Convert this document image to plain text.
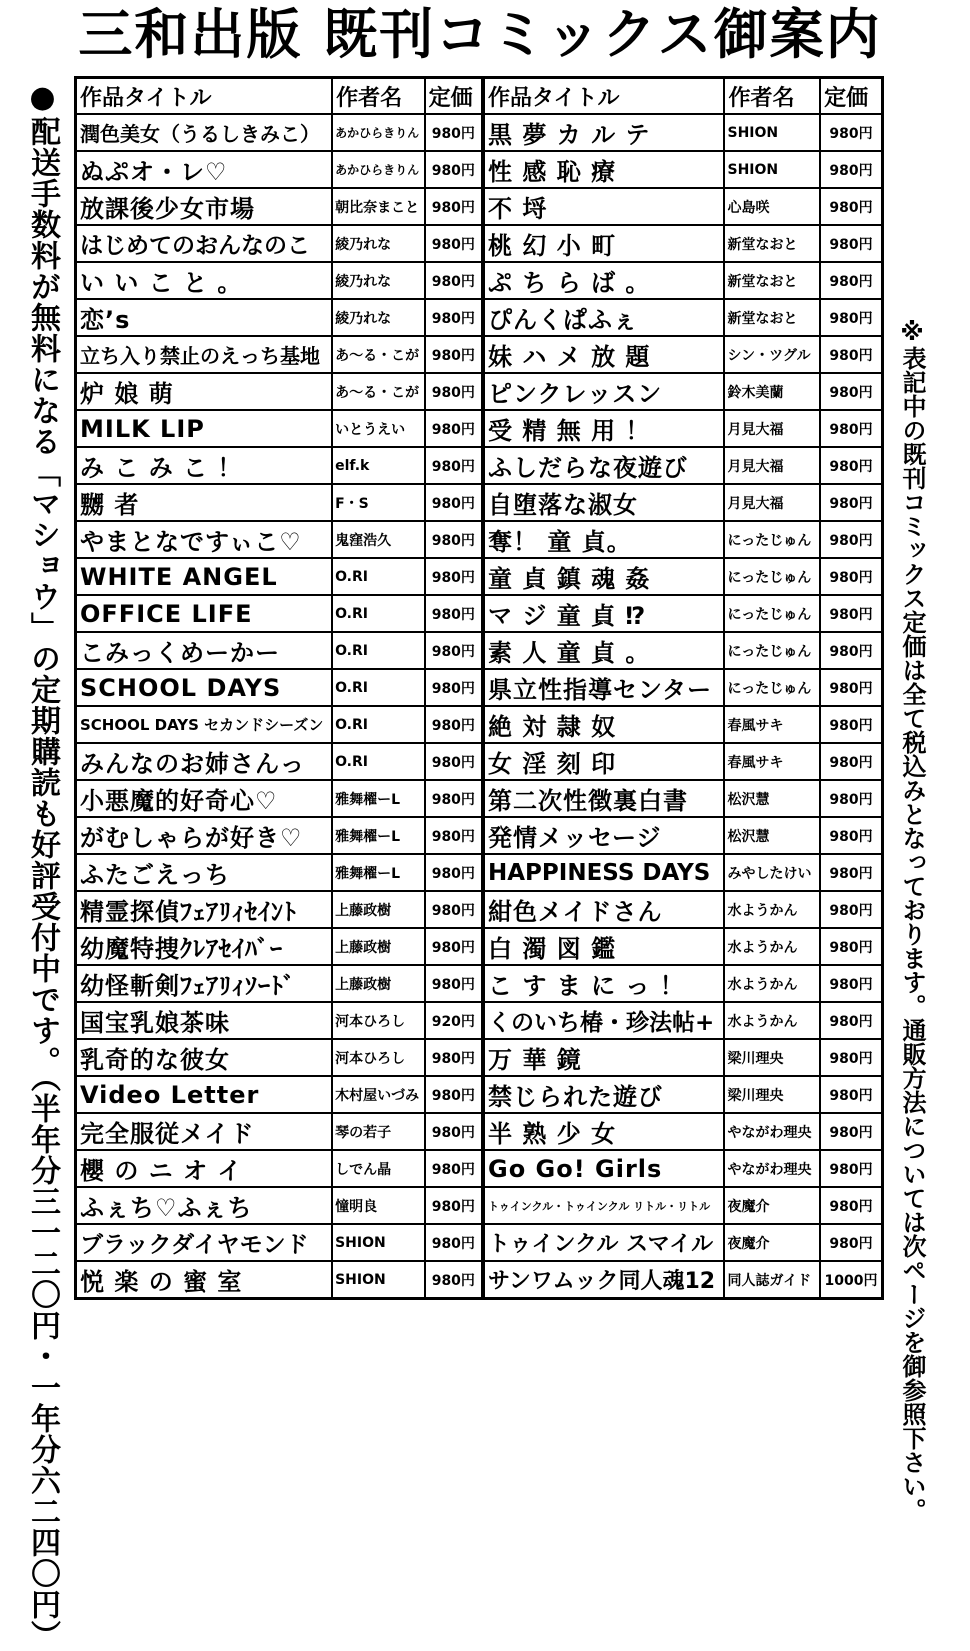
三和出版 既刊コミックス御案内
●配送手数料が無料になる「マショウ」の定期購読も好評受付中です。（半年分三一二〇円・一年分六二四〇円）	※表記中の既刊コミックス定価は全て税込みとなっております。通販方法については次ページを御参照下さい。
作品タイトル	作者名	定価	作品タイトル	作者名	定価
潤色美女（うるしきみこ）	あかひらきりん	980円	黒 夢 カ ル テ	SHION	980円
ぬぷオ・レ♡	あかひらきりん	980円	性 感 恥 療	SHION	980円
放課後少女市場	朝比奈まこと	980円	不 埒	心島咲	980円
はじめてのおんなのこ	綾乃れな	980円	桃 幻 小 町	新堂なおと	980円
い い こ と 。	綾乃れな	980円	ぷ ち ら ば 。	新堂なおと	980円
恋’s	綾乃れな	980円	ぴんくぱふぇ	新堂なおと	980円
立ち入り禁止のえっち基地	あ～る・こが	980円	妹 ハ メ 放 題	シン・ツグル	980円
炉 娘 萌	あ～る・こが	980円	ピンクレッスン	鈴木美蘭	980円
MILK LIP	いとうえい	980円	受 精 無 用 ！	月見大福	980円
み こ み こ ！	elf.k	980円	ふしだらな夜遊び	月見大福	980円
嬲 者	F・S	980円	自堕落な淑女	月見大福	980円
やまとなですぃこ♡	鬼窪浩久	980円	奪！ 童 貞。	にったじゅん	980円
WHITE ANGEL	O.RI	980円	童 貞 鎮 魂 姦	にったじゅん	980円
OFFICE LIFE	O.RI	980円	マ ジ 童 貞 ⁉	にったじゅん	980円
こみっくめーかー	O.RI	980円	素 人 童 貞 。	にったじゅん	980円
SCHOOL DAYS	O.RI	980円	県立性指導センター	にったじゅん	980円
SCHOOL DAYS セカンドシーズン	O.RI	980円	絶 対 隷 奴	春風サキ	980円
みんなのお姉さんっ	O.RI	980円	女 淫 刻 印	春風サキ	980円
小悪魔的好奇心♡	雅舞櫂ーL	980円	第二次性徴裏白書	松沢慧	980円
がむしゃらが好き♡	雅舞櫂ーL	980円	発情メッセージ	松沢慧	980円
ふたごえっち	雅舞櫂ーL	980円	HAPPINESS DAYS	みやしたけい	980円
精霊探偵ﾌｪｱﾘｨｾｲﾝﾄ	上藤政樹	980円	紺色メイドさん	水ようかん	980円
幼魔特捜ｸﾚｱｾｲﾊﾞｰ	上藤政樹	980円	白 濁 図 鑑	水ようかん	980円
幼怪斬剣ﾌｪｱﾘｨｿｰﾄﾞ	上藤政樹	980円	こ す ま に っ ！	水ようかん	980円
国宝乳娘茶味	河本ひろし	920円	くのいち椿・珍法帖+	水ようかん	980円
乳奇的な彼女	河本ひろし	980円	万 華 鏡	梁川理央	980円
Video Letter	木村屋いづみ	980円	禁じられた遊び	梁川理央	980円
完全服従メイド	琴の若子	980円	半 熟 少 女	やながわ理央	980円
櫻 の ニ オ イ	しでん晶	980円	Go Go! Girls	やながわ理央	980円
ふぇち♡ふぇち	憧明良	980円	トゥインクル・トゥインクル リトル・リトル	夜魔介	980円
ブラックダイヤモンド	SHION	980円	トゥインクル スマイル	夜魔介	980円
悦 楽 の 蜜 室	SHION	980円	サンワムック同人魂12	同人誌ガイド	1000円
